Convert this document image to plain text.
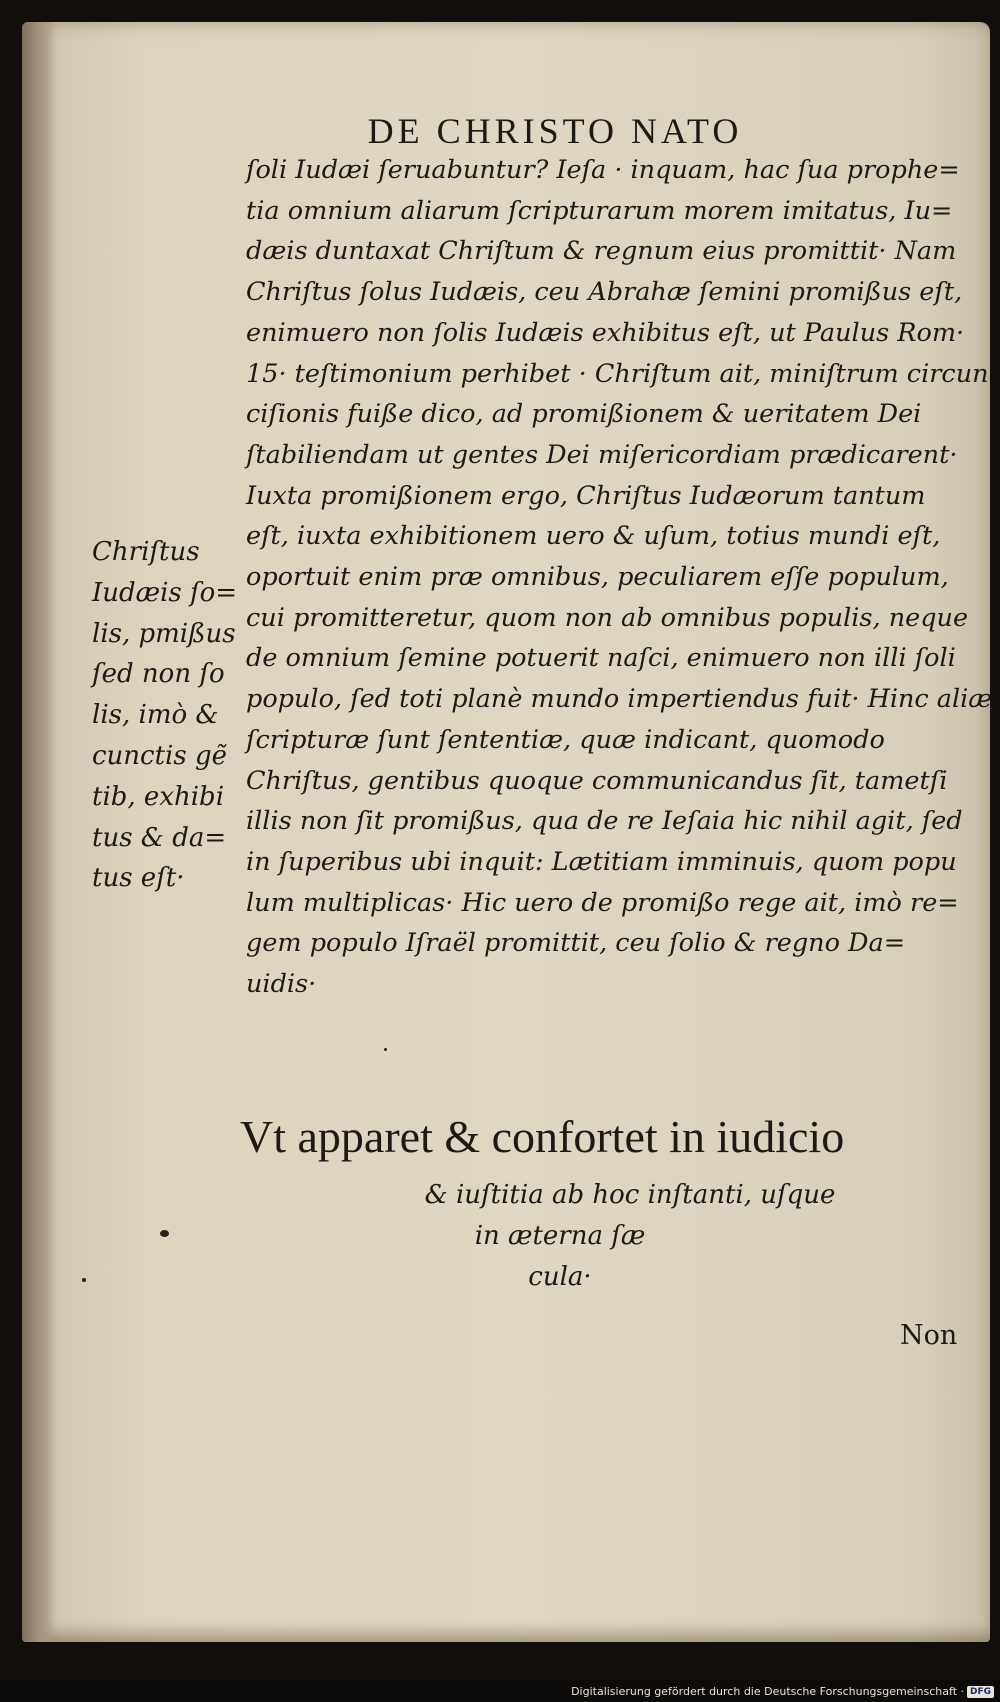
DE CHRISTO NATO
ſoli Iudæi ſeruabuntur? Ieſa · inquam, hac ſua prophe=
tia omnium aliarum ſcripturarum morem imitatus, Iu=
dæis duntaxat Chriſtum & regnum eius promittit· Nam
Chriſtus ſolus Iudæis, ceu Abrahæ ſemini promißus eſt,
enimuero non ſolis Iudæis exhibitus eſt, ut Paulus Rom·
15· teſtimonium perhibet · Chriſtum ait, miniſtrum circun
ciſionis fuiße dico, ad promißionem & ueritatem Dei
ſtabiliendam ut gentes Dei miſericordiam prædicarent·
Iuxta promißionem ergo, Chriſtus Iudæorum tantum
eſt, iuxta exhibitionem uero & uſum, totius mundi eſt,
oportuit enim præ omnibus, peculiarem eſſe populum,
cui promitteretur, quom non ab omnibus populis, neque
de omnium ſemine potuerit naſci, enimuero non illi ſoli
populo, ſed toti planè mundo impertiendus fuit· Hinc aliæ
ſcripturæ ſunt ſententiæ, quæ indicant, quomodo
Chriſtus, gentibus quoque communicandus ſit, tametſi
illis non ſit promißus, qua de re Ieſaia hic nihil agit, ſed
in ſuperibus ubi inquit: Lætitiam imminuis, quom popu
lum multiplicas· Hic uero de promißo rege ait, imò re=
gem populo Iſraël promittit, ceu ſolio & regno Da=
uidis·
Chriſtus
Iudæis ſo=
lis, pmißus
ſed non ſo
lis, imò &
cunctis gẽ
tib, exhibi
tus & da=
tus eſt·
Vt apparet & confortet in iudicio
& iuſtitia ab hoc inſtanti, uſque
in æterna ſæ
cula·
Non
Digitalisierung gefördert durch die Deutsche Forschungsgemeinschaft · DFG
